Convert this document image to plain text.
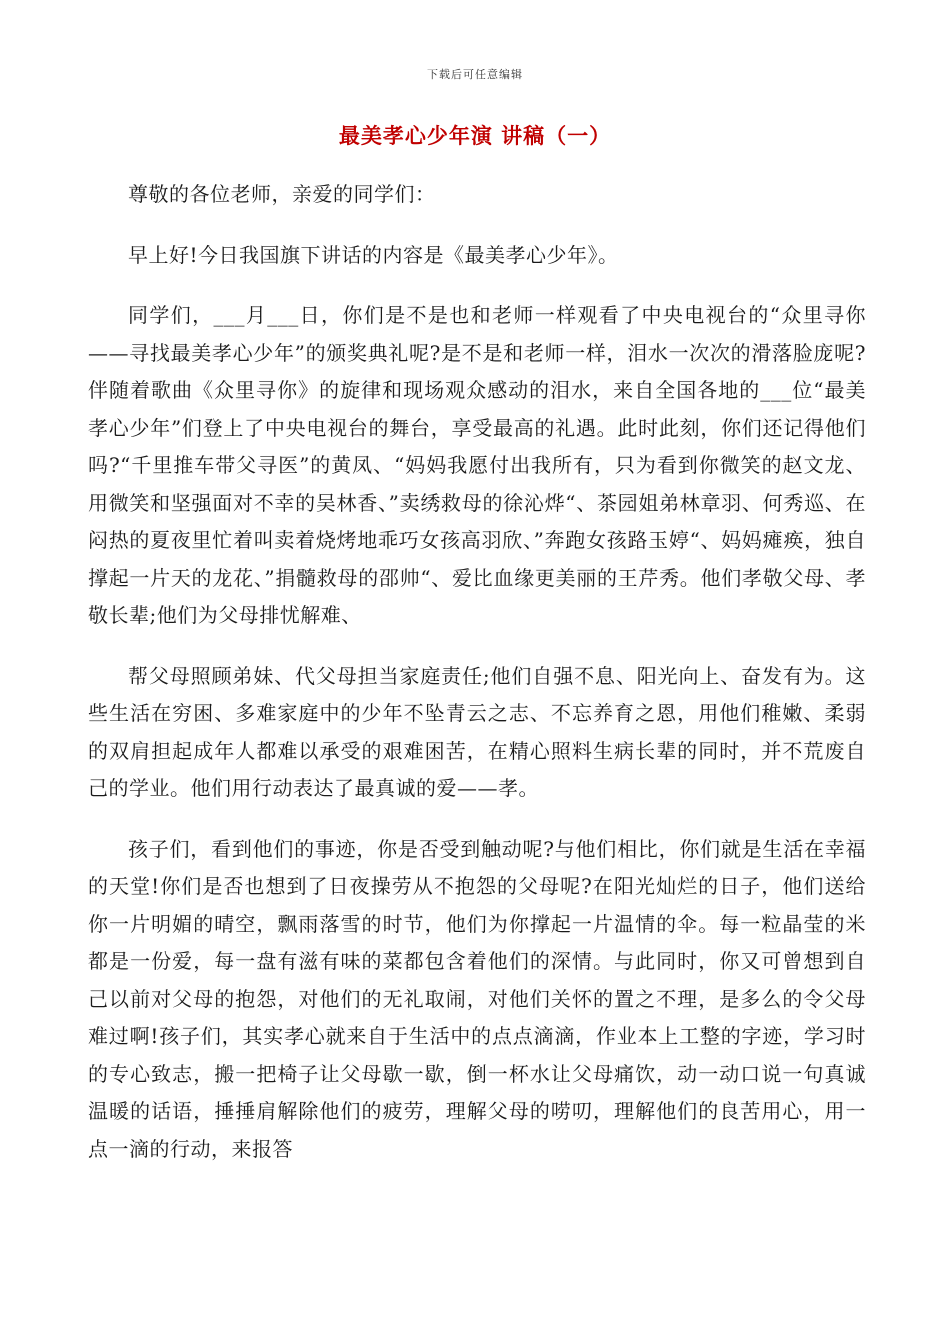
下载后可任意编辑
最美孝心少年演 讲稿（一）

尊敬的各位老师，亲爱的同学们：

早上好!今日我国旗下讲话的内容是《最美孝心少年》。

同学们，___月___日，你们是不是也和老师一样观看了中央电视台的“众里寻你——寻找最美孝心少年”的颁奖典礼呢?是不是和老师一样，泪水一次次的滑落脸庞呢?伴随着歌曲《众里寻你》的旋律和现场观众感动的泪水，来自全国各地的___位“最美孝心少年”们登上了中央电视台的舞台，享受最高的礼遇。此时此刻，你们还记得他们吗?“千里推车带父寻医”的黄凤、“妈妈我愿付出我所有，只为看到你微笑的赵文龙、用微笑和坚强面对不幸的吴林香、”卖绣救母的徐沁烨“、茶园姐弟林章羽、何秀巡、在闷热的夏夜里忙着叫卖着烧烤地乖巧女孩高羽欣、”奔跑女孩路玉婷“、妈妈瘫痪，独自撑起一片天的龙花、”捐髓救母的邵帅“、爱比血缘更美丽的王芹秀。他们孝敬父母、孝敬长辈;他们为父母排忧解难、

帮父母照顾弟妹、代父母担当家庭责任;他们自强不息、阳光向上、奋发有为。这些生活在穷困、多难家庭中的少年不坠青云之志、不忘养育之恩，用他们稚嫩、柔弱的双肩担起成年人都难以承受的艰难困苦，在精心照料生病长辈的同时，并不荒废自己的学业。他们用行动表达了最真诚的爱——孝。

孩子们，看到他们的事迹，你是否受到触动呢?与他们相比，你们就是生活在幸福的天堂!你们是否也想到了日夜操劳从不抱怨的父母呢?在阳光灿烂的日子，他们送给你一片明媚的晴空，飘雨落雪的时节，他们为你撑起一片温情的伞。每一粒晶莹的米都是一份爱，每一盘有滋有味的菜都包含着他们的深情。与此同时，你又可曾想到自己以前对父母的抱怨，对他们的无礼取闹，对他们关怀的置之不理，是多么的令父母难过啊!孩子们，其实孝心就来自于生活中的点点滴滴，作业本上工整的字迹，学习时的专心致志，搬一把椅子让父母歇一歇，倒一杯水让父母痛饮，动一动口说一句真诚温暖的话语，捶捶肩解除他们的疲劳，理解父母的唠叨，理解他们的良苦用心，用一点一滴的行动，来报答
